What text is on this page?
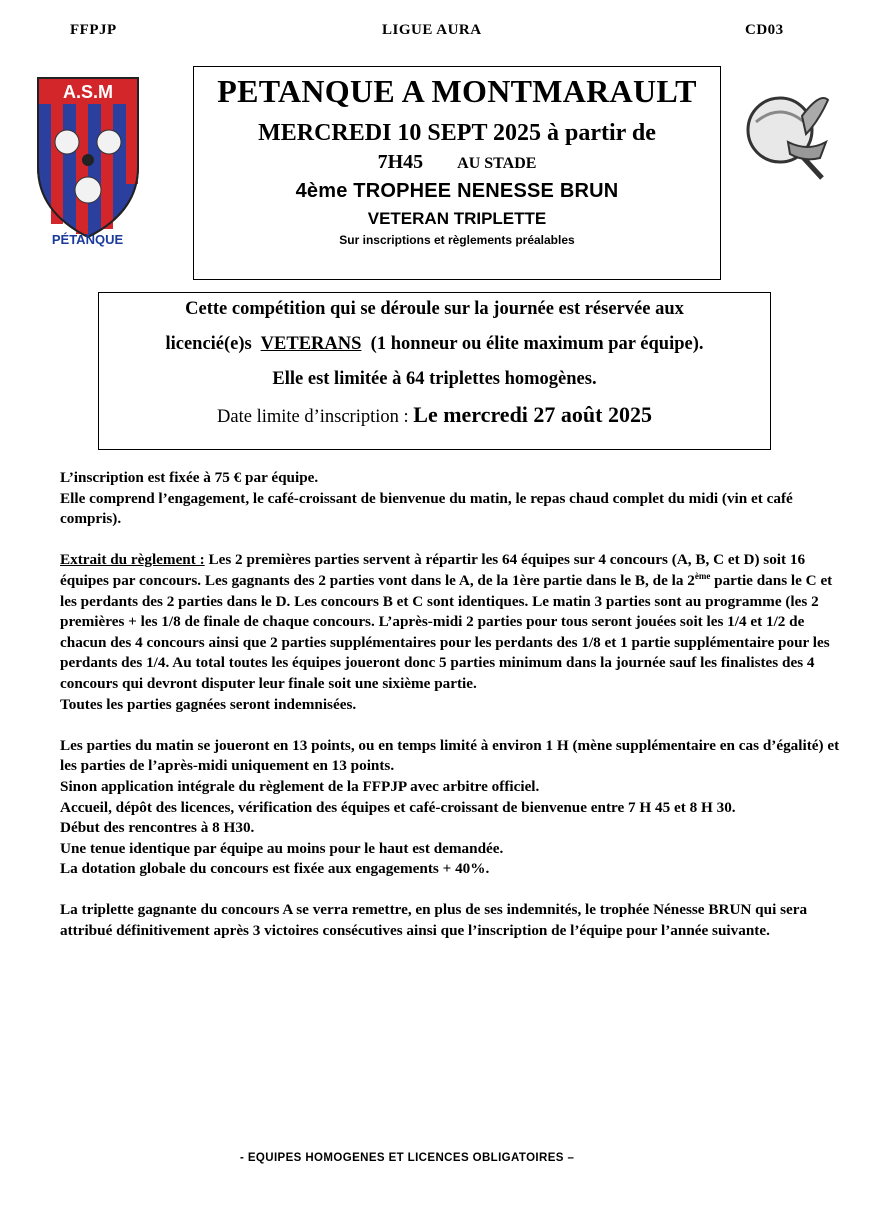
FFPJP	LIGUE AURA	CD03
A.S.M
PÉTANQUE
PETANQUE A MONTMARAULT
MERCREDI 10 SEPT 2025 à partir de
7H45 AU STADE
4ème TROPHEE NENESSE BRUN
VETERAN TRIPLETTE
Sur inscriptions et règlements préalables
Cette compétition qui se déroule sur la journée est réservée aux
licencié(e)s VETERANS (1 honneur ou élite maximum par équipe).
Elle est limitée à 64 triplettes homogènes.
Date limite d’inscription : Le mercredi 27 août 2025

L’inscription est fixée à 75 € par équipe.

Elle comprend l’engagement, le café-croissant de bienvenue du matin, le repas chaud complet du midi (vin et café compris).

Extrait du règlement : Les 2 premières parties servent à répartir les 64 équipes sur 4 concours (A, B, C et D) soit 16 équipes par concours. Les gagnants des 2 parties vont dans le A, de la 1ère partie dans le B, de la 2ème partie dans le C et les perdants des 2 parties dans le D. Les concours B et C sont identiques. Le matin 3 parties sont au programme (les 2 premières + les 1/8 de finale de chaque concours. L’après-midi 2 parties pour tous seront jouées soit les 1/4 et 1/2 de chacun des 4 concours ainsi que 2 parties supplémentaires pour les perdants des 1/8 et 1 partie supplémentaire pour les perdants des 1/4. Au total toutes les équipes joueront donc 5 parties minimum dans la journée sauf les finalistes des 4 concours qui devront disputer leur finale soit une sixième partie.

Toutes les parties gagnées seront indemnisées.

Les parties du matin se joueront en 13 points, ou en temps limité à environ 1 H (mène supplémentaire en cas d’égalité) et les parties de l’après-midi uniquement en 13 points.

Sinon application intégrale du règlement de la FFPJP avec arbitre officiel.

Accueil, dépôt des licences, vérification des équipes et café-croissant de bienvenue entre 7 H 45 et 8 H 30.

Début des rencontres à 8 H30.

Une tenue identique par équipe au moins pour le haut est demandée.

La dotation globale du concours est fixée aux engagements + 40%.

La triplette gagnante du concours A se verra remettre, en plus de ses indemnités, le trophée Nénesse BRUN qui sera attribué définitivement après 3 victoires consécutives ainsi que l’inscription de l’équipe pour l’année suivante.

- EQUIPES HOMOGENES ET LICENCES OBLIGATOIRES –
